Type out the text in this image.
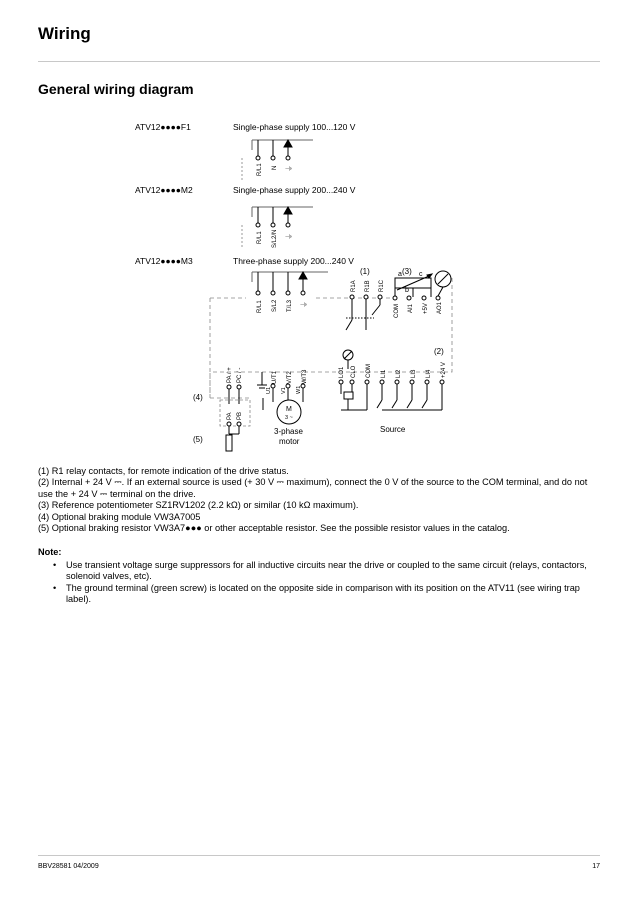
Wiring
General wiring diagram
ATV12●●●●F1	Single-phase supply 100...120 V
ATV12●●●●M2	Single-phase supply 200...240 V
ATV12●●●●M3	Three-phase supply 200...240 V
R/L1 N ⏚
R/L1 S/L2/N ⏚
R/L1 S/L2 T/L3 ⏚
(1)
R1A R1B R1C
(3)
a
b
c
COM AI1 +5V AO1
(2)
PA / + PC / -
(4)
(5)
PA PB
U/T1 V/T2 W/T3
U1 V1 W1
M
3 ~
3-phase
motor
LO1 CLO COM LI1 LI2 LI3 LI4 +24 V
Source
(1) R1 relay contacts, for remote indication of the drive status.
(2) Internal + 24 V ⎓. If an external source is used (+ 30 V ⎓ maximum), connect the 0 V of the source to the COM terminal, and do not
use the + 24 V ⎓ terminal on the drive.
(3) Reference potentiometer SZ1RV1202 (2.2 kΩ) or similar (10 kΩ maximum).
(4) Optional braking module VW3A7005
(5) Optional braking resistor VW3A7●●● or other acceptable resistor. See the possible resistor values in the catalog.
Note:
• Use transient voltage surge suppressors for all inductive circuits near the drive or coupled to the same circuit (relays, contactors,
solenoid valves, etc).
• The ground terminal (green screw) is located on the opposite side in comparison with its position on the ATV11 (see wiring trap label).
BBV28581 04/2009	17
